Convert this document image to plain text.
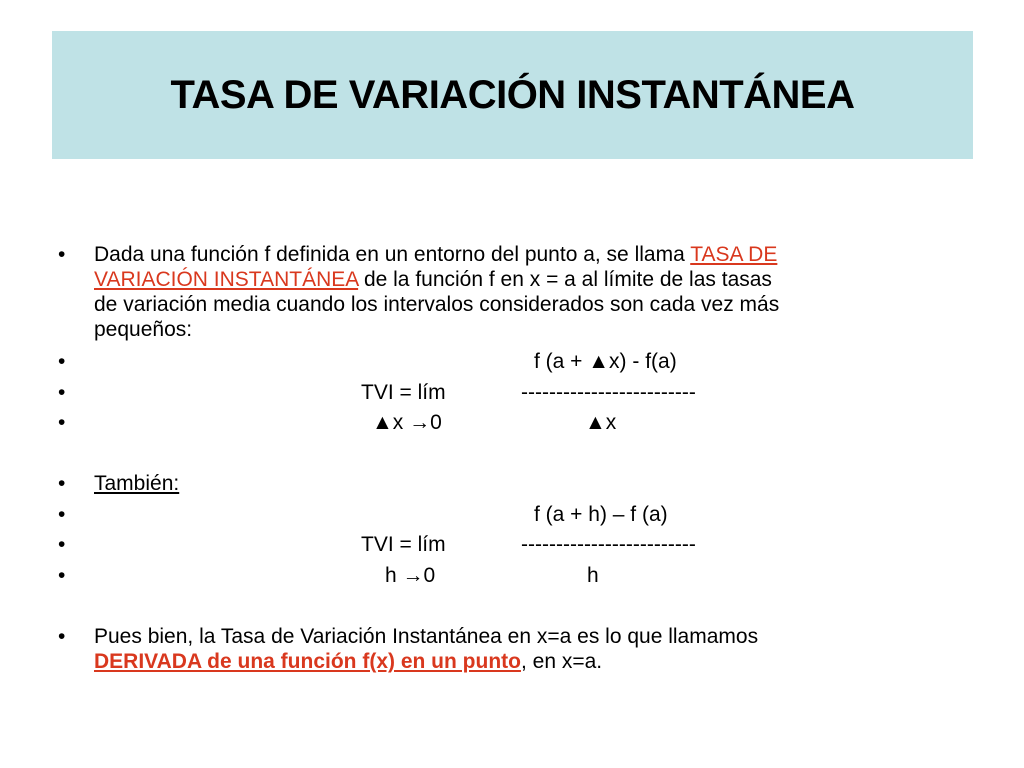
TASA DE VARIACIÓN INSTANTÁNEA
• Dada una función f definida en un entorno del punto a, se llama TASA DE
VARIACIÓN INSTANTÁNEA de la función f en x = a al límite de las tasas
de variación media cuando los intervalos considerados son cada vez más
pequeños:
•	f (a + ▲x) - f(a)
•	TVI = lím	-------------------------
•	▲x →0	▲x
• También:
•	f (a + h) – f (a)
•	TVI = lím	-------------------------
•	h →0	h
• Pues bien, la Tasa de Variación Instantánea en x=a es lo que llamamos
DERIVADA de una función f(x) en un punto, en x=a.
